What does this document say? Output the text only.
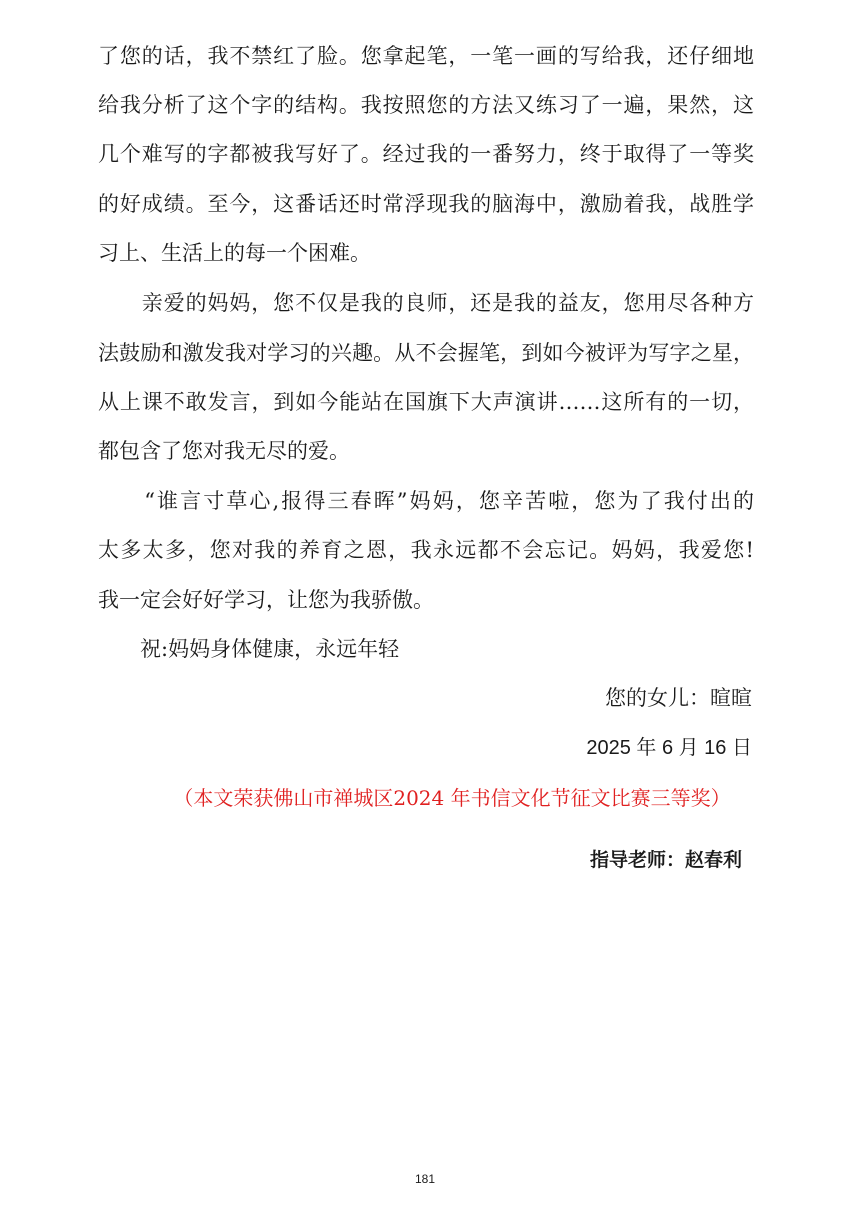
了您的话，我不禁红了脸。您拿起笔，一笔一画的写给我，还仔细地
给我分析了这个字的结构。我按照您的方法又练习了一遍，果然，这
几个难写的字都被我写好了。经过我的一番努力，终于取得了一等奖
的好成绩。至今，这番话还时常浮现我的脑海中，激励着我，战胜学
习上、生活上的每一个困难。
　　亲爱的妈妈，您不仅是我的良师，还是我的益友，您用尽各种方
法鼓励和激发我对学习的兴趣。从不会握笔，到如今被评为写字之星，
从上课不敢发言，到如今能站在国旗下大声演讲……这所有的一切，
都包含了您对我无尽的爱。
　　“谁言寸草心,报得三春晖”妈妈，您辛苦啦，您为了我付出的
太多太多，您对我的养育之恩，我永远都不会忘记。妈妈，我爱您!
我一定会好好学习，让您为我骄傲。
　　祝:妈妈身体健康，永远年轻
您的女儿：暄暄
2025 年 6 月 16 日
（本文荣获佛山市禅城区2024 年书信文化节征文比赛三等奖）
指导老师：赵春利
181
